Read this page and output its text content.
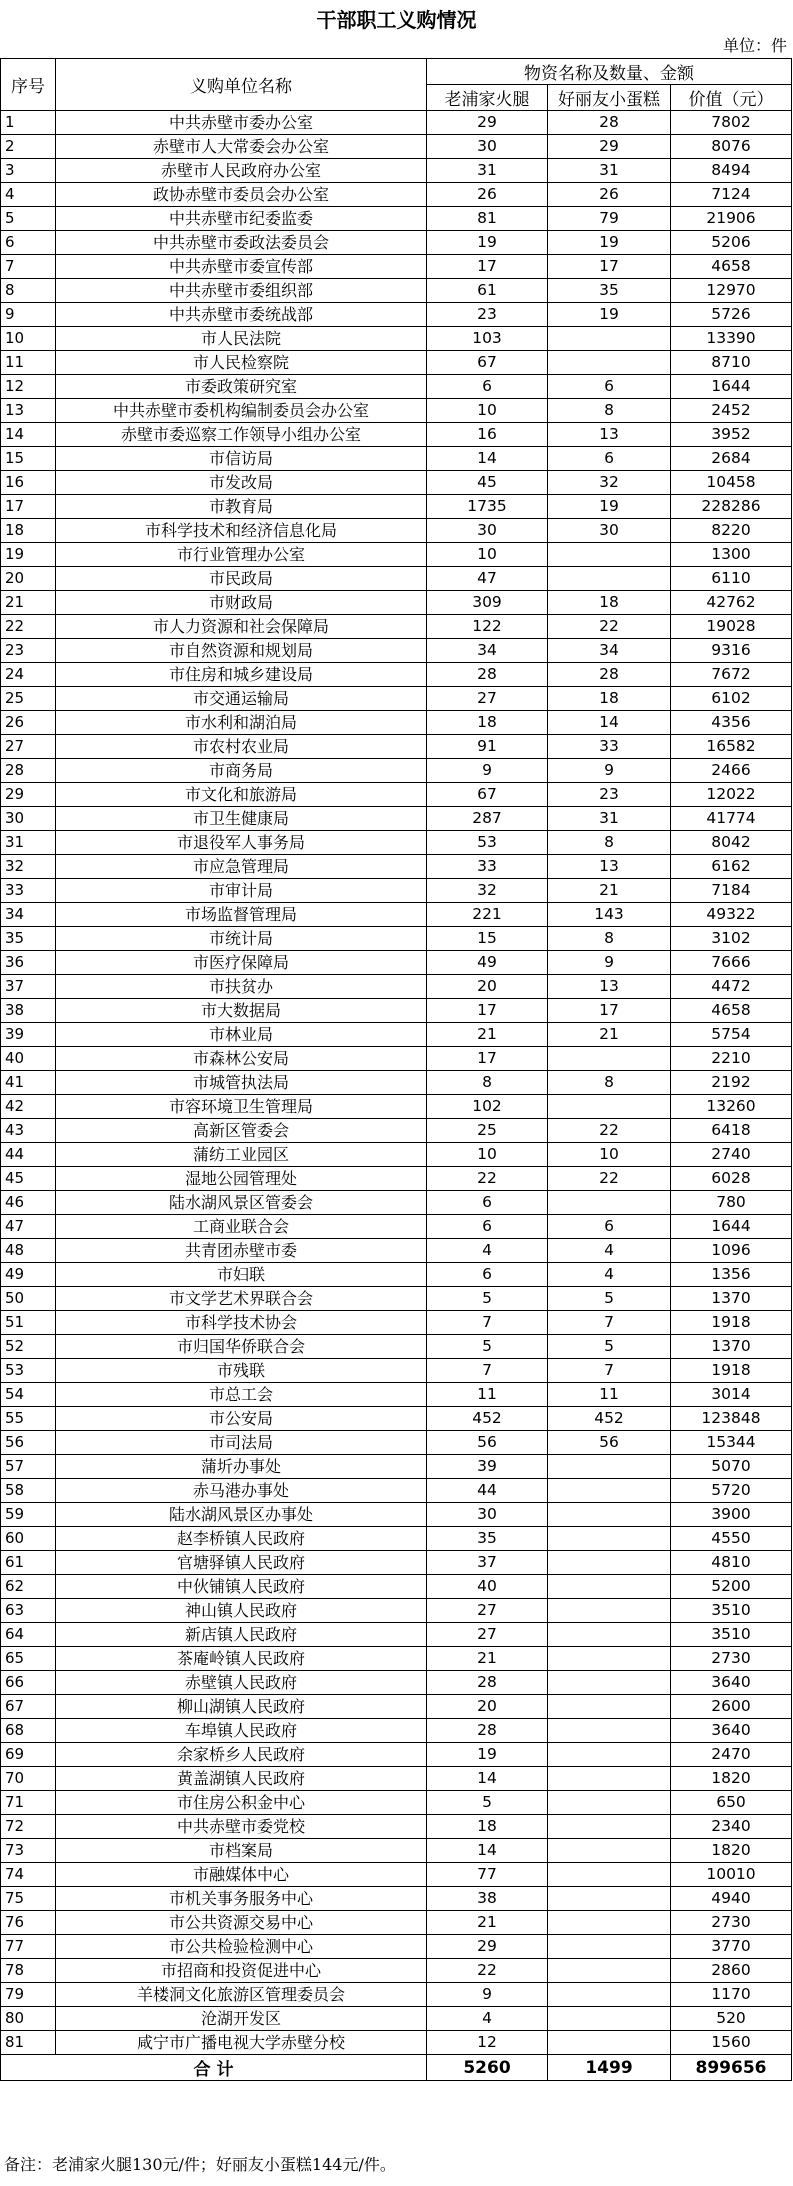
干部职工义购情况
单位：件
序号	义购单位名称	物资名称及数量、金额		
		老浦家火腿	好丽友小蛋糕	价值（元）
1	中共赤壁市委办公室	29	28	7802
2	赤壁市人大常委会办公室	30	29	8076
3	赤壁市人民政府办公室	31	31	8494
4	政协赤壁市委员会办公室	26	26	7124
5	中共赤壁市纪委监委	81	79	21906
6	中共赤壁市委政法委员会	19	19	5206
7	中共赤壁市委宣传部	17	17	4658
8	中共赤壁市委组织部	61	35	12970
9	中共赤壁市委统战部	23	19	5726
10	市人民法院	103		13390
11	市人民检察院	67		8710
12	市委政策研究室	6	6	1644
13	中共赤壁市委机构编制委员会办公室	10	8	2452
14	赤壁市委巡察工作领导小组办公室	16	13	3952
15	市信访局	14	6	2684
16	市发改局	45	32	10458
17	市教育局	1735	19	228286
18	市科学技术和经济信息化局	30	30	8220
19	市行业管理办公室	10		1300
20	市民政局	47		6110
21	市财政局	309	18	42762
22	市人力资源和社会保障局	122	22	19028
23	市自然资源和规划局	34	34	9316
24	市住房和城乡建设局	28	28	7672
25	市交通运输局	27	18	6102
26	市水利和湖泊局	18	14	4356
27	市农村农业局	91	33	16582
28	市商务局	9	9	2466
29	市文化和旅游局	67	23	12022
30	市卫生健康局	287	31	41774
31	市退役军人事务局	53	8	8042
32	市应急管理局	33	13	6162
33	市审计局	32	21	7184
34	市场监督管理局	221	143	49322
35	市统计局	15	8	3102
36	市医疗保障局	49	9	7666
37	市扶贫办	20	13	4472
38	市大数据局	17	17	4658
39	市林业局	21	21	5754
40	市森林公安局	17		2210
41	市城管执法局	8	8	2192
42	市容环境卫生管理局	102		13260
43	高新区管委会	25	22	6418
44	蒲纺工业园区	10	10	2740
45	湿地公园管理处	22	22	6028
46	陆水湖风景区管委会	6		780
47	工商业联合会	6	6	1644
48	共青团赤壁市委	4	4	1096
49	市妇联	6	4	1356
50	市文学艺术界联合会	5	5	1370
51	市科学技术协会	7	7	1918
52	市归国华侨联合会	5	5	1370
53	市残联	7	7	1918
54	市总工会	11	11	3014
55	市公安局	452	452	123848
56	市司法局	56	56	15344
57	蒲圻办事处	39		5070
58	赤马港办事处	44		5720
59	陆水湖风景区办事处	30		3900
60	赵李桥镇人民政府	35		4550
61	官塘驿镇人民政府	37		4810
62	中伙铺镇人民政府	40		5200
63	神山镇人民政府	27		3510
64	新店镇人民政府	27		3510
65	茶庵岭镇人民政府	21		2730
66	赤壁镇人民政府	28		3640
67	柳山湖镇人民政府	20		2600
68	车埠镇人民政府	28		3640
69	余家桥乡人民政府	19		2470
70	黄盖湖镇人民政府	14		1820
71	市住房公积金中心	5		650
72	中共赤壁市委党校	18		2340
73	市档案局	14		1820
74	市融媒体中心	77		10010
75	市机关事务服务中心	38		4940
76	市公共资源交易中心	21		2730
77	市公共检验检测中心	29		3770
78	市招商和投资促进中心	22		2860
79	羊楼洞文化旅游区管理委员会	9		1170
80	沧湖开发区	4		520
81	咸宁市广播电视大学赤壁分校	12		1560
合 计		5260	1499	899656
备注：老浦家火腿130元/件；好丽友小蛋糕144元/件。
